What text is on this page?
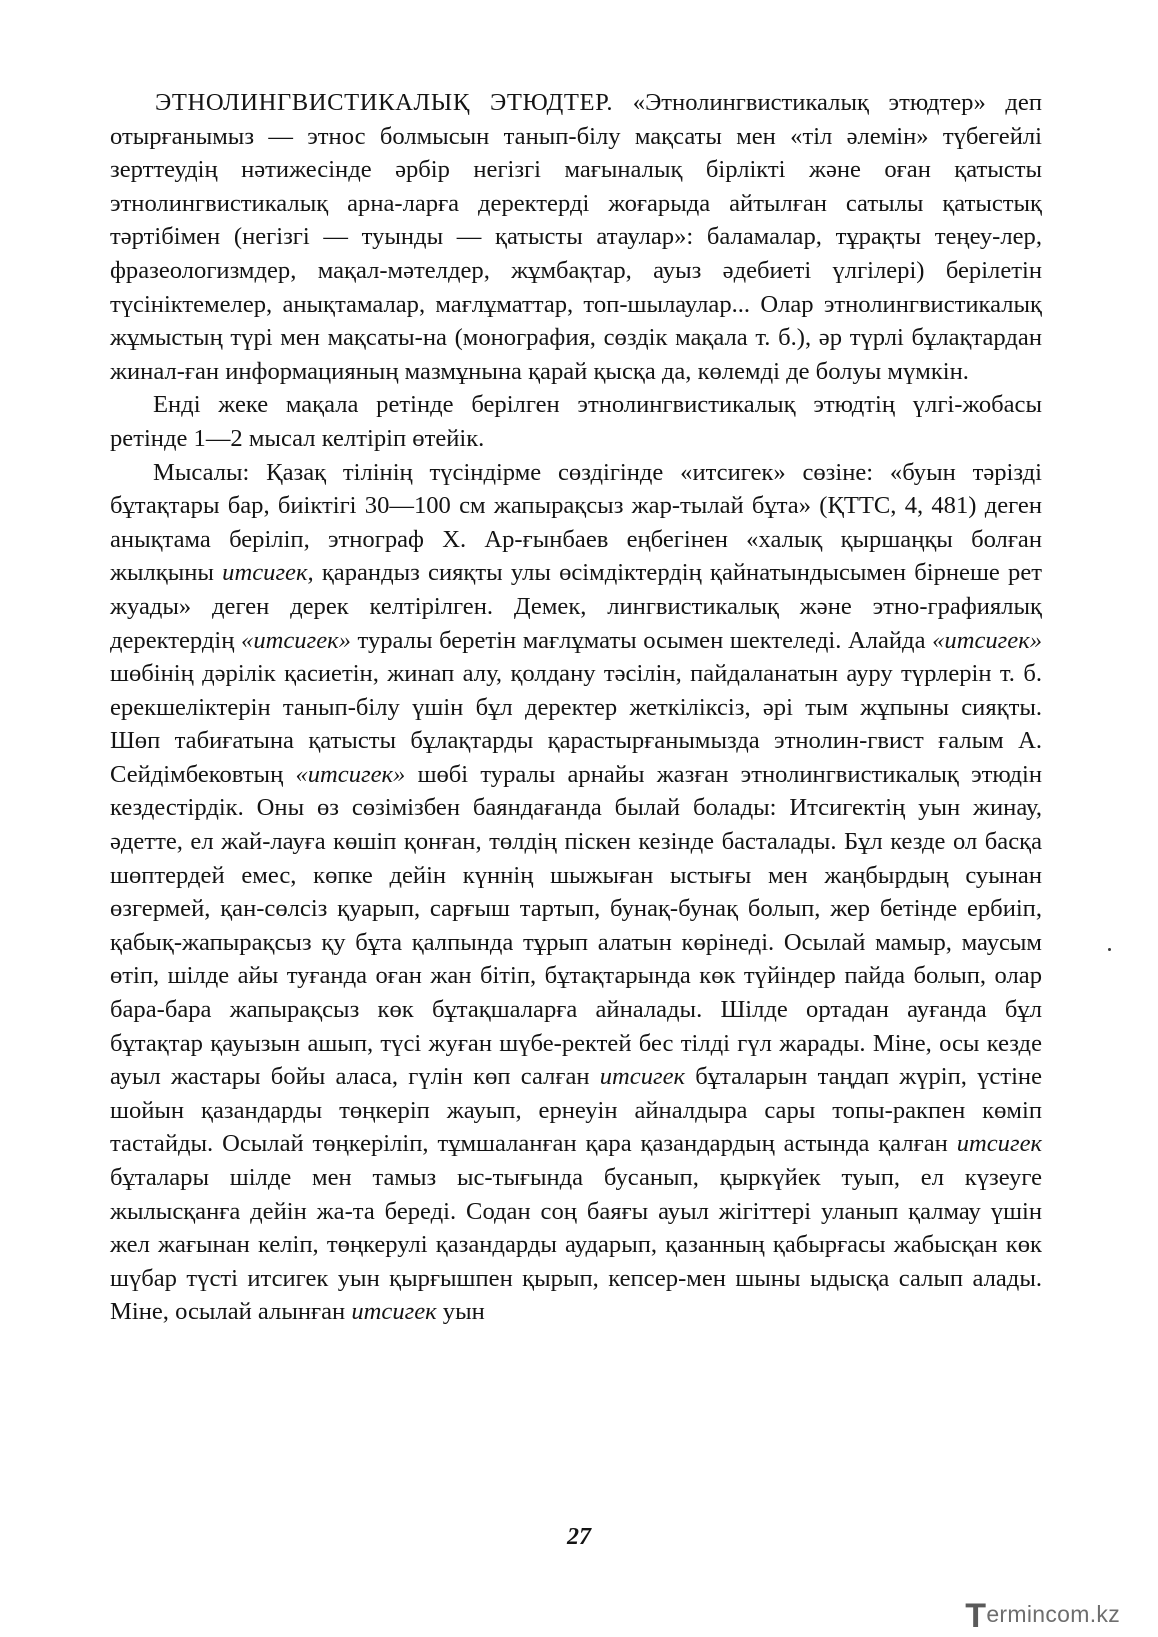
ЭТНОЛИНГВИСТИКАЛЫҚ ЭТЮДТЕР. «Этнолингвистикалық этюдтер» деп отырғанымыз — этнос болмысын танып-білу мақсаты мен «тіл әлемін» түбегейлі зерттеудің нәтижесінде әрбір негізгі мағыналық бірлікті және оған қатысты этнолингвистикалық арна-ларға деректерді жоғарыда айтылған сатылы қатыстық тәртібімен (негізгі — туынды — қатысты атаулар»: баламалар, тұрақты теңеу-лер, фразеологизмдер, мақал-мәтелдер, жұмбақтар, ауыз әдебиеті үлгілері) берілетін түсініктемелер, анықтамалар, мағлұматтар, топ-шылаулар... Олар этнолингвистикалық жұмыстың түрі мен мақсаты-на (монография, сөздік мақала т. б.), әр түрлі бұлақтардан жинал-ған информацияның мазмұнына қарай қысқа да, көлемді де болуы мүмкін.

Енді жеке мақала ретінде берілген этнолингвистикалық этюдтің үлгі-жобасы ретінде 1—2 мысал келтіріп өтейік.

Мысалы: Қазақ тілінің түсіндірме сөздігінде «итсигек» сөзіне: «буын тәрізді бұтақтары бар, биіктігі 30—100 см жапырақсыз жар-тылай бұта» (ҚТТС, 4, 481) деген анықтама беріліп, этнограф Х. Ар-ғынбаев еңбегінен «халық қыршаңқы болған жылқыны итсигек, қарандыз сияқты улы өсімдіктердің қайнатындысымен бірнеше рет жуады» деген дерек келтірілген. Демек, лингвистикалық және этно-графиялық деректердің «итсигек» туралы беретін мағлұматы осымен шектеледі. Алайда «итсигек» шөбінің дәрілік қасиетін, жинап алу, қолдану тәсілін, пайдаланатын ауру түрлерін т. б. ерекшеліктерін танып-білу үшін бұл деректер жеткіліксіз, әрі тым жұпыны сияқты. Шөп табиғатына қатысты бұлақтарды қарастырғанымызда этнолин-гвист ғалым А. Сейдімбековтың «итсигек» шөбі туралы арнайы жазған этнолингвистикалық этюдін кездестірдік. Оны өз сөзімізбен баяндағанда былай болады: Итсигектің уын жинау, әдетте, ел жай-лауға көшіп қонған, төлдің піскен кезінде басталады. Бұл кезде ол басқа шөптердей емес, көпке дейін күннің шыжыған ыстығы мен жаңбырдың суынан өзгермей, қан-сөлсіз қуарып, сарғыш тартып, бунақ-бунақ болып, жер бетінде ербиіп, қабық-жапырақсыз қу бұта қалпында тұрып алатын көрінеді. Осылай мамыр, маусым өтіп, шілде айы туғанда оған жан бітіп, бұтақтарында көк түйіндер пайда болып, олар бара-бара жапырақсыз көк бұтақшаларға айналады. Шілде ортадан ауғанда бұл бұтақтар қауызын ашып, түсі жуған шүбе-ректей бес тілді гүл жарады. Міне, осы кезде ауыл жастары бойы аласа, гүлін көп салған итсигек бұталарын таңдап жүріп, үстіне шойын қазандарды төңкеріп жауып, ернеуін айналдыра сары топы-ракпен көміп тастайды. Осылай төңкеріліп, тұмшаланған қара қазандардың астында қалған итсигек бұталары шілде мен тамыз ыс-тығында бусанып, қыркүйек туып, ел күзеуге жылысқанға дейін жа-та береді. Содан соң баяғы ауыл жігіттері уланып қалмау үшін жел жағынан келіп, төңкерулі қазандарды аударып, қазанның қабырғасы жабысқан көк шүбар түсті итсигек уын қырғышпен қырып, кепсер-мен шыны ыдысқа салып алады. Міне, осылай алынған итсигек уын

27
Termincom.kz
